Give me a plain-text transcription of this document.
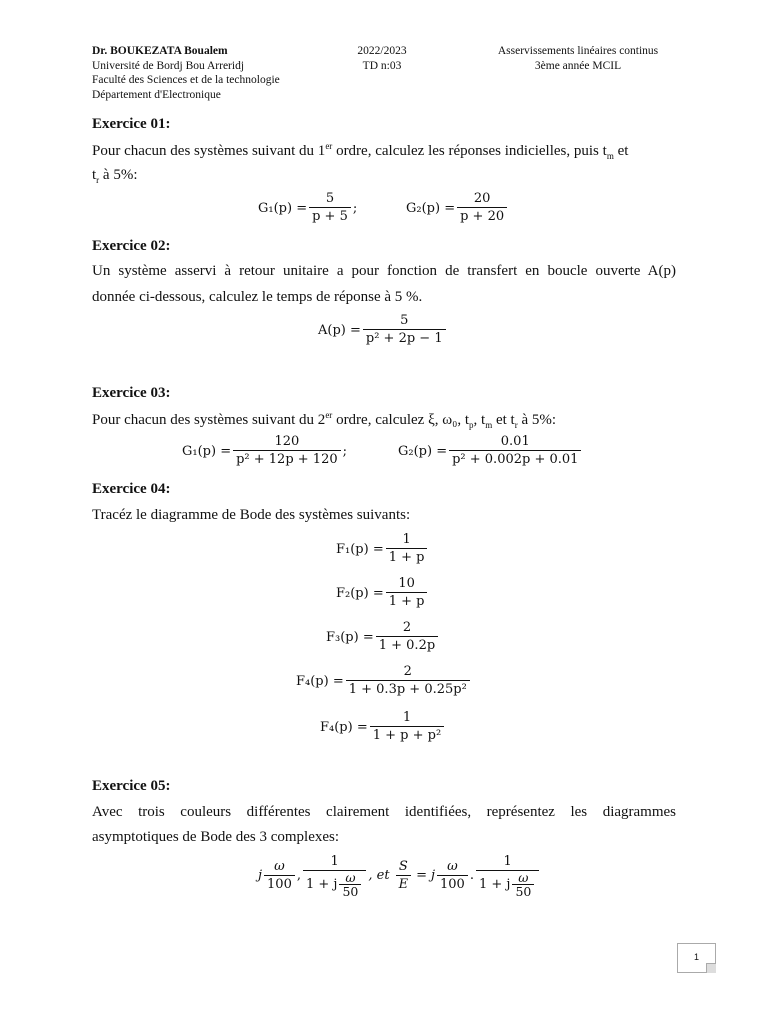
Dr. BOUKEZATA Boualem
Université de Bordj Bou Arreridj
Faculté des Sciences et de la technologie
Département d'Electronique
2022/2023
TD n:03
Asservissements linéaires continus
3ème année MCIL
Exercice 01:
Pour chacun des systèmes suivant du 1er ordre, calculez les réponses indicielles, puis $t_m$ et
$t_r$ à 5%:
$G_1(p) = \frac{5}{p + 5}$ ;	$G_2(p) = \frac{20}{p + 20}$
Exercice 02:
Un système asservi à retour unitaire a pour fonction de transfert en boucle ouverte A(p)
donnée ci-dessous, calculez le temps de réponse à 5 %.
$A(p) = \frac{5}{\text{p² + 2p − 1}}$
Exercice 03:
Pour chacun des systèmes suivant du 2er ordre, calculez ξ, ω₀, $t_p$, $t_m$ et $t_r$ à 5%:
$G_1(p) = \frac{120}{\text{p² + 12p + 120}}$ ;	$G_2(p) = \frac{0.01}{\text{p² + 0.002p + 0.01}}$
Exercice 04:
Tracéz le diagramme de Bode des systèmes suivants:
$F_1(p) = \frac{1}{1 + p}$
$F_2(p) = \frac{10}{1 + p}$
$F_3(p) = \frac{2}{1 + 0.2p}$
$F_4(p) = \frac{2}{\text{1 + 0.3p + 0.25p²}}$
$F_4(p) = \frac{1}{\text{1 + p + p²}}$
Exercice 05:
Avec trois couleurs différentes clairement identifiées, représentez les diagrammes
asymptotiques de Bode des 3 complexes:
j
ω
100
,
1
1 + j $\frac{\omega}{50}$ , et
S
E
= j
ω
100
.
1
1 + j $\frac{\omega}{50}$
1
